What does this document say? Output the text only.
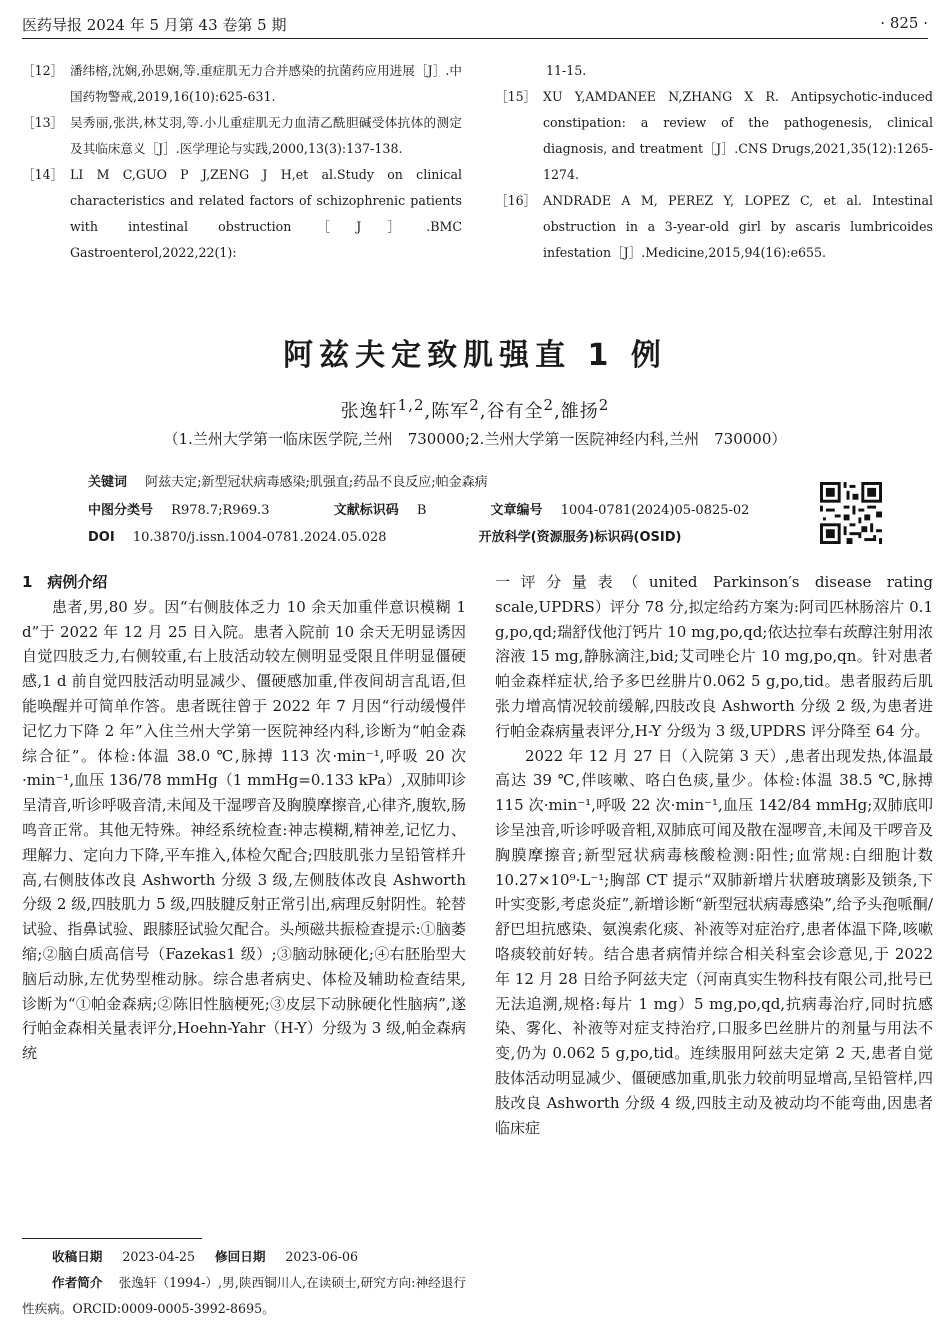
医药导报 2024 年 5 月第 43 卷第 5 期	· 825 ·
［12］ 潘纬榕,沈娴,孙思娴,等.重症肌无力合并感染的抗菌药应用进展［J］.中国药物警戒,2019,16(10):625-631.
［13］ 吴秀丽,张洪,林艾羽,等.小儿重症肌无力血清乙酰胆碱受体抗体的测定及其临床意义［J］.医学理论与实践,2000,13(3):137-138.
［14］ LI M C,GUO P J,ZENG J H,et al.Study on clinical characteristics and related factors of schizophrenic patients with intestinal obstruction［J］.BMC Gastroenterol,2022,22(1):
11-15.
［15］ XU Y,AMDANEE N,ZHANG X R. Antipsychotic-induced constipation: a review of the pathogenesis, clinical diagnosis, and treatment［J］.CNS Drugs,2021,35(12):1265-1274.
［16］ ANDRADE A M, PEREZ Y, LOPEZ C, et al. Intestinal obstruction in a 3-year-old girl by ascaris lumbricoides infestation［J］.Medicine,2015,94(16):e655.
阿兹夫定致肌强直 1 例
张逸轩$^{1,2}$,陈军$^2$,谷有全$^2$,雒扬$^2$
（1.兰州大学第一临床医学院,兰州　730000;2.兰州大学第一医院神经内科,兰州　730000）
关键词 阿兹夫定;新型冠状病毒感染;肌强直;药品不良反应;帕金森病
中图分类号 R978.7;R969.3	文献标识码 B	文章编号 1004-0781(2024)05-0825-02
DOI 10.3870/j.issn.1004-0781.2024.05.028	开放科学(资源服务)标识码(OSID)
1　病例介绍

患者,男,80 岁。因“右侧肢体乏力 10 余天加重伴意识模糊 1 d”于 2022 年 12 月 25 日入院。患者入院前 10 余天无明显诱因自觉四肢乏力,右侧较重,右上肢活动较左侧明显受限且伴明显僵硬感,1 d 前自觉四肢活动明显减少、僵硬感加重,伴夜间胡言乱语,但能唤醒并可简单作答。患者既往曾于 2022 年 7 月因“行动缓慢伴记忆力下降 2 年”入住兰州大学第一医院神经内科,诊断为“帕金森综合征”。体检:体温 38.0 ℃,脉搏 113 次·min⁻¹,呼吸 20 次·min⁻¹,血压 136/78 mmHg（1 mmHg=0.133 kPa）,双肺叩诊呈清音,听诊呼吸音清,未闻及干湿啰音及胸膜摩擦音,心律齐,腹软,肠鸣音正常。其他无特殊。神经系统检查:神志模糊,精神差,记忆力、理解力、定向力下降,平车推入,体检欠配合;四肢肌张力呈铅管样升高,右侧肢体改良 Ashworth 分级 3 级,左侧肢体改良 Ashworth 分级 2 级,四肢肌力 5 级,四肢腱反射正常引出,病理反射阴性。轮替试验、指鼻试验、跟膝胫试验欠配合。头颅磁共振检查提示:①脑萎缩;②脑白质高信号（Fazekas1 级）;③脑动脉硬化;④右胚胎型大脑后动脉,左优势型椎动脉。综合患者病史、体检及辅助检查结果,诊断为“①帕金森病;②陈旧性脑梗死;③皮层下动脉硬化性脑病”,遂行帕金森相关量表评分,Hoehn-Yahr（H-Y）分级为 3 级,帕金森病统

一评分量表（united Parkinson′s disease rating scale,UPDRS）评分 78 分,拟定给药方案为:阿司匹林肠溶片 0.1 g,po,qd;瑞舒伐他汀钙片 10 mg,po,qd;依达拉奉右莰醇注射用浓溶液 15 mg,静脉滴注,bid;艾司唑仑片 10 mg,po,qn。针对患者帕金森样症状,给予多巴丝肼片0.062 5 g,po,tid。患者服药后肌张力增高情况较前缓解,四肢改良 Ashworth 分级 2 级,为患者进行帕金森病量表评分,H-Y 分级为 3 级,UPDRS 评分降至 64 分。

2022 年 12 月 27 日（入院第 3 天）,患者出现发热,体温最高达 39 ℃,伴咳嗽、咯白色痰,量少。体检:体温 38.5 ℃,脉搏 115 次·min⁻¹,呼吸 22 次·min⁻¹,血压 142/84 mmHg;双肺底叩诊呈浊音,听诊呼吸音粗,双肺底可闻及散在湿啰音,未闻及干啰音及胸膜摩擦音;新型冠状病毒核酸检测:阳性;血常规:白细胞计数 10.27×10⁹·L⁻¹;胸部 CT 提示“双肺新增片状磨玻璃影及锁条,下叶实变影,考虑炎症”,新增诊断“新型冠状病毒感染”,给予头孢哌酮/舒巴坦抗感染、氨溴索化痰、补液等对症治疗,患者体温下降,咳嗽咯痰较前好转。结合患者病情并综合相关科室会诊意见,于 2022 年 12 月 28 日给予阿兹夫定（河南真实生物科技有限公司,批号已无法追溯,规格:每片 1 mg）5 mg,po,qd,抗病毒治疗,同时抗感染、雾化、补液等对症支持治疗,口服多巴丝肼片的剂量与用法不变,仍为 0.062 5 g,po,tid。连续服用阿兹夫定第 2 天,患者自觉肢体活动明显减少、僵硬感加重,肌张力较前明显增高,呈铅管样,四肢改良 Ashworth 分级 4 级,四肢主动及被动均不能弯曲,因患者临床症

收稿日期 2023-04-25 修回日期 2023-06-06
作者简介 张逸轩（1994-）,男,陕西铜川人,在读硕士,研究方向:神经退行性疾病。ORCID:0009-0005-3992-8695。
